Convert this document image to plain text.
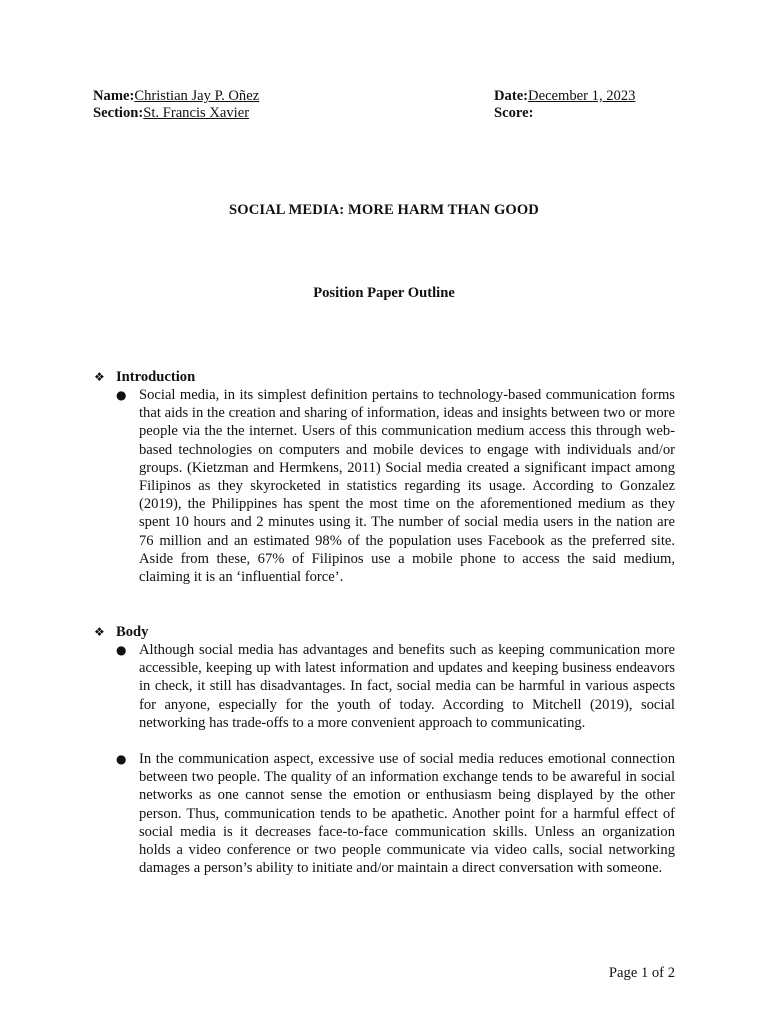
Name:Christian Jay P. Oñez
Section:St. Francis Xavier
Date:December 1, 2023
Score:
SOCIAL MEDIA: MORE HARM THAN GOOD
Position Paper Outline
❖ Introduction
● Social media, in its simplest definition pertains to technology-based communication forms that aids in the creation and sharing of information, ideas and insights between two or more people via the the internet. Users of this communication medium access this through web-based technologies on computers and mobile devices to engage with individuals and/or groups. (Kietzman and Hermkens, 2011) Social media created a significant impact among Filipinos as they skyrocketed in statistics regarding its usage. According to Gonzalez (2019), the Philippines has spent the most time on the aforementioned medium as they spent 10 hours and 2 minutes using it. The number of social media users in the nation are 76 million and an estimated 98% of the population uses Facebook as the preferred site. Aside from these, 67% of Filipinos use a mobile phone to access the said medium, claiming it is an ‘influential force’.
❖ Body
● Although social media has advantages and benefits such as keeping communication more accessible, keeping up with latest information and updates and keeping business endeavors in check, it still has disadvantages. In fact, social media can be harmful in various aspects for anyone, especially for the youth of today. According to Mitchell (2019), social networking has trade-offs to a more convenient approach to communicating.
● In the communication aspect, excessive use of social media reduces emotional connection between two people. The quality of an information exchange tends to be awareful in social networks as one cannot sense the emotion or enthusiasm being displayed by the other person. Thus, communication tends to be apathetic. Another point for a harmful effect of social media is it decreases face-to-face communication skills. Unless an organization holds a video conference or two people communicate via video calls, social networking damages a person’s ability to initiate and/or maintain a direct conversation with someone.
Page 1 of 2
